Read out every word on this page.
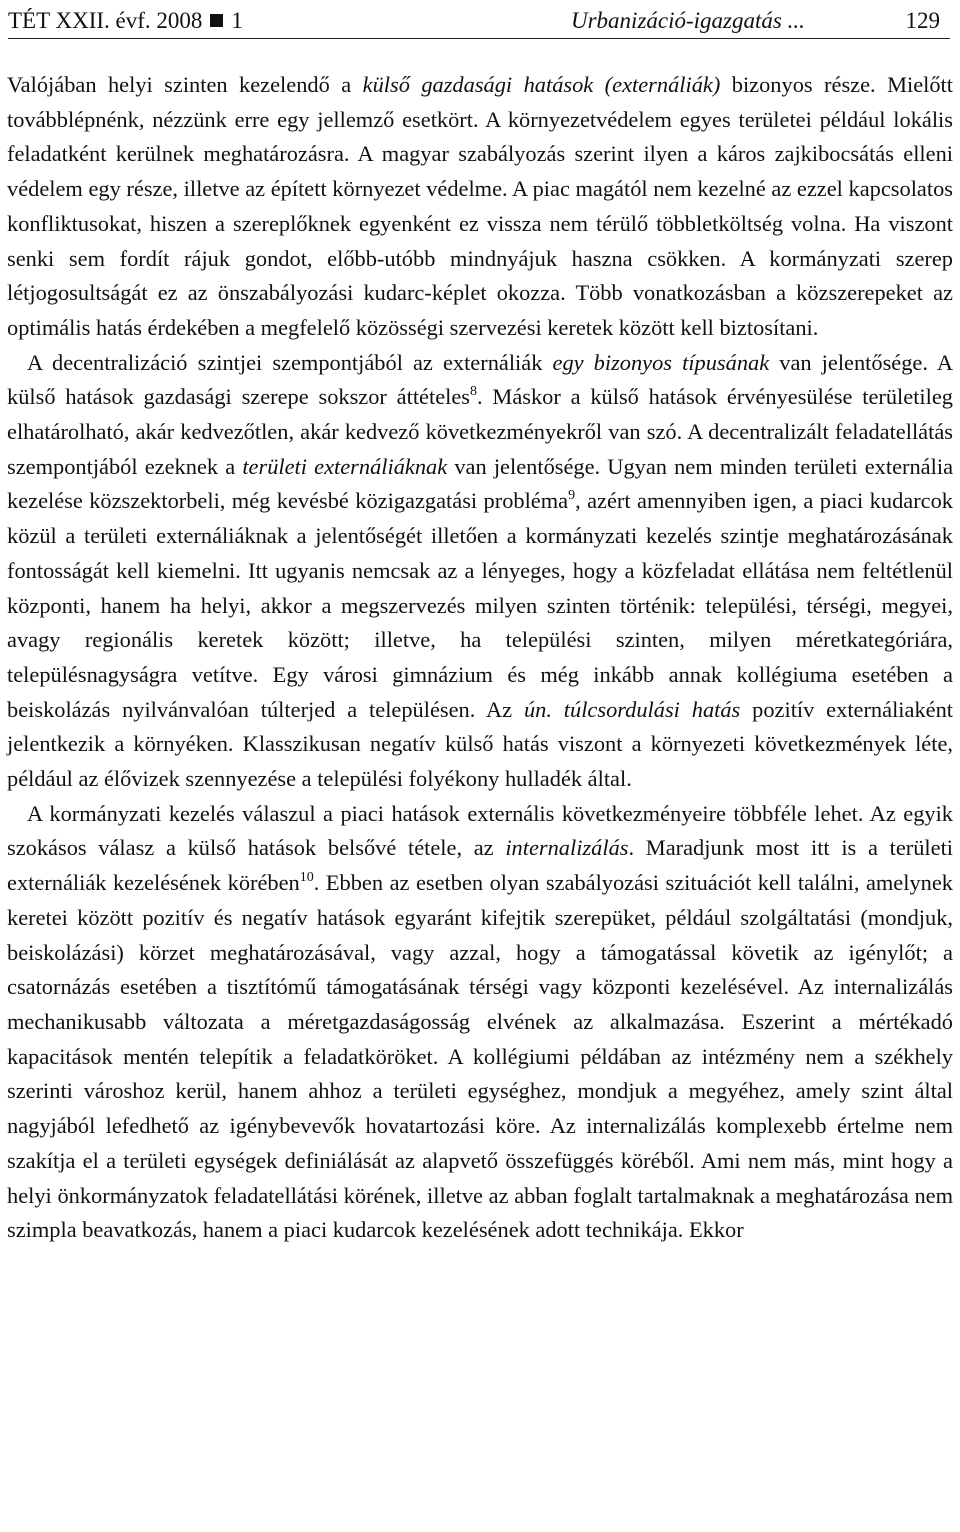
TÉT XXII. évf. 2008 1	Urbanizáció-igazgatás ...	129

Valójában helyi szinten kezelendő a külső gazdasági hatások (externáliák) bizonyos része. Mielőtt továbblépnénk, nézzünk erre egy jellemző esetkört. A környezetvédelem egyes területei például lokális feladatként kerülnek meghatározásra. A magyar szabályozás szerint ilyen a káros zajkibocsátás elleni védelem egy része, illetve az épített környezet védelme. A piac magától nem kezelné az ezzel kapcsolatos konfliktusokat, hiszen a szereplőknek egyenként ez vissza nem térülő többletköltség volna. Ha viszont senki sem fordít rájuk gondot, előbb-utóbb mindnyájuk haszna csökken. A kormányzati szerep létjogosultságát ez az önszabályozási kudarc-képlet okozza. Több vonatkozásban a közszerepeket az optimális hatás érdekében a megfelelő közösségi szervezési keretek között kell biztosítani.

A decentralizáció szintjei szempontjából az externáliák egy bizonyos típusának van jelentősége. A külső hatások gazdasági szerepe sokszor áttételes$^8$. Máskor a külső hatások érvényesülése területileg elhatárolható, akár kedvezőtlen, akár kedvező következményekről van szó. A decentralizált feladatellátás szempontjából ezeknek a területi externáliáknak van jelentősége. Ugyan nem minden területi externália kezelése közszektorbeli, még kevésbé közigazgatási probléma$^9$, azért amennyiben igen, a piaci kudarcok közül a területi externáliáknak a jelentőségét illetően a kormányzati kezelés szintje meghatározásának fontosságát kell kiemelni. Itt ugyanis nemcsak az a lényeges, hogy a közfeladat ellátása nem feltétlenül központi, hanem ha helyi, akkor a megszervezés milyen szinten történik: települési, térségi, megyei, avagy regionális keretek között; illetve, ha települési szinten, milyen méretkategóriára, településnagyságra vetítve. Egy városi gimnázium és még inkább annak kollégiuma esetében a beiskolázás nyilvánvalóan túlterjed a településen. Az ún. túlcsordulási hatás pozitív externáliaként jelentkezik a környéken. Klasszikusan negatív külső hatás viszont a környezeti következmények léte, például az élővizek szennyezése a települési folyékony hulladék által.

A kormányzati kezelés válaszul a piaci hatások externális következményeire többféle lehet. Az egyik szokásos válasz a külső hatások belsővé tétele, az internalizálás. Maradjunk most itt is a területi externáliák kezelésének körében$^{10}$. Ebben az esetben olyan szabályozási szituációt kell találni, amelynek keretei között pozitív és negatív hatások egyaránt kifejtik szerepüket, például szolgáltatási (mondjuk, beiskolázási) körzet meghatározásával, vagy azzal, hogy a támogatással követik az igénylőt; a csatornázás esetében a tisztítómű támogatásának térségi vagy központi kezelésével. Az internalizálás mechanikusabb változata a méretgazdaságosság elvének az alkalmazása. Eszerint a mértékadó kapacitások mentén telepítik a feladatköröket. A kollégiumi példában az intézmény nem a székhely szerinti városhoz kerül, hanem ahhoz a területi egységhez, mondjuk a megyéhez, amely szint által nagyjából lefedhető az igénybevevők hovatartozási köre. Az internalizálás komplexebb értelme nem szakítja el a területi egységek definiálását az alapvető összefüggés köréből. Ami nem más, mint hogy a helyi önkormányzatok feladatellátási körének, illetve az abban foglalt tartalmaknak a meghatározása nem szimpla beavatkozás, hanem a piaci kudarcok kezelésének adott technikája. Ekkor
